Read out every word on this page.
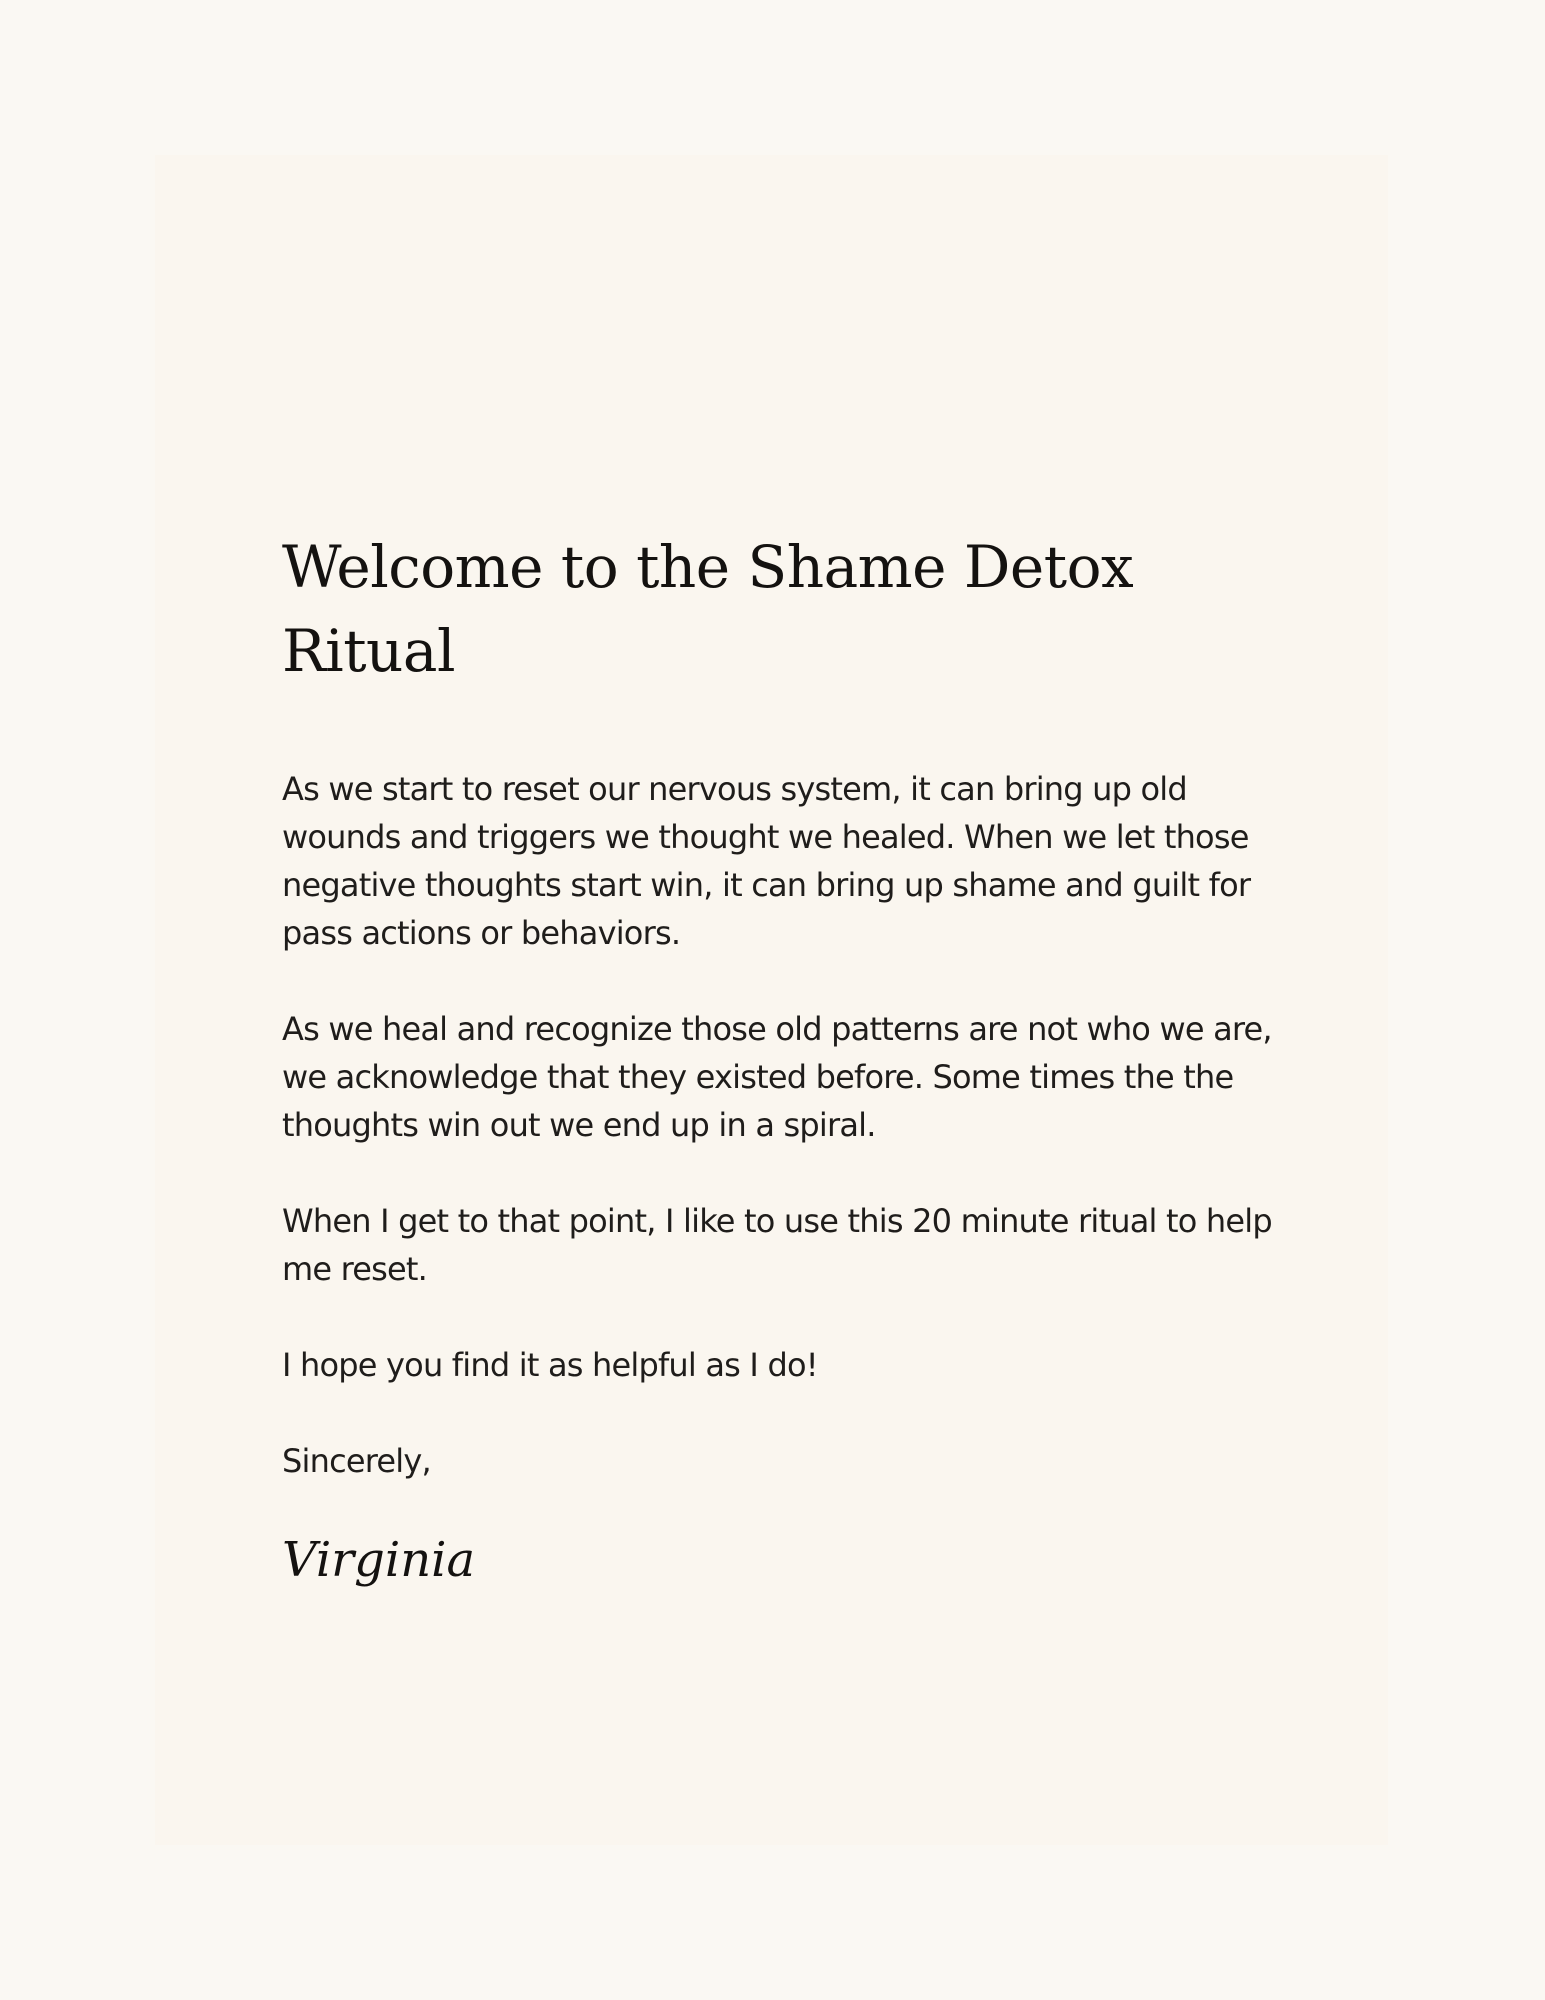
Welcome to the Shame Detox Ritual

As we start to reset our nervous system, it can bring up old wounds and triggers we thought we healed. When we let those negative thoughts start win, it can bring up shame and guilt for pass actions or behaviors.

As we heal and recognize those old patterns are not who we are, we acknowledge that they existed before. Some times the the thoughts win out we end up in a spiral.

When I get to that point, I like to use this 20 minute ritual to help me reset.

I hope you find it as helpful as I do!

Sincerely,

Virginia
